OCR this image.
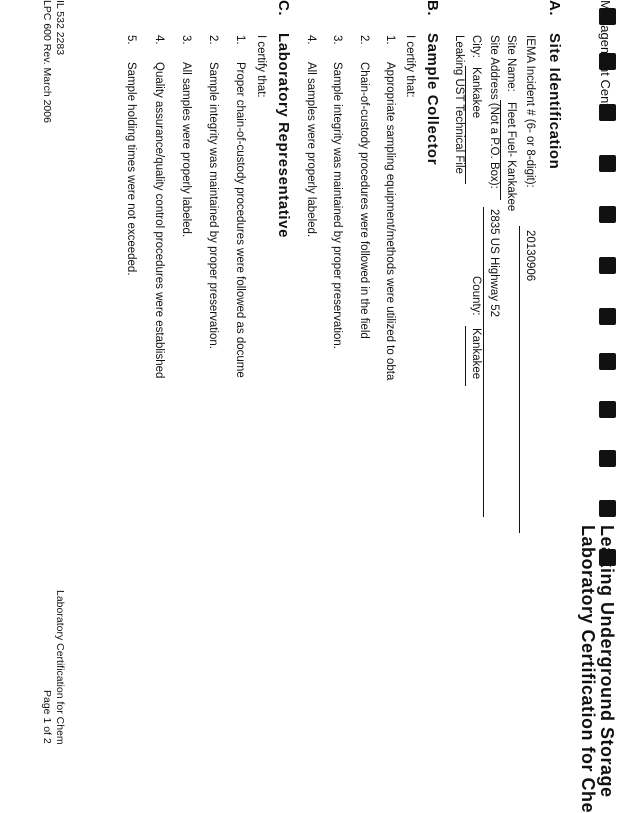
Management Center,
Leaking Underground Storage
Laboratory Certification for Che
A.
Site Identification
IEMA Incident # (6- or 8-digit):
20130906
Site Name:
Fleet Fuel- Kankakee
Site Address (Not a P.O. Box):
2835 US Highway 52
City:
Kankakee
County:
Kankakee
Leaking UST Technical File
B.
Sample Collector
I certify that:
1.
Appropriate sampling equipment/methods were utilized to obta
2.
Chain-of-custody procedures were followed in the field
3.
Sample integrity was maintained by proper preservation.
4.
All samples were properly labeled.
C.
Laboratory Representative
I certify that:
1.
Proper chain-of-custody procedures were followed as docume
2.
Sample integrity was maintained by proper preservation.
3.
All samples were properly labeled.
4.
Quality assurance/quality control procedures were established
5.
Sample holding times were not exceeded.
IL 532 2283
LPC 600 Rev. March 2006
Laboratory Certification for Chem
Page 1 of 2
